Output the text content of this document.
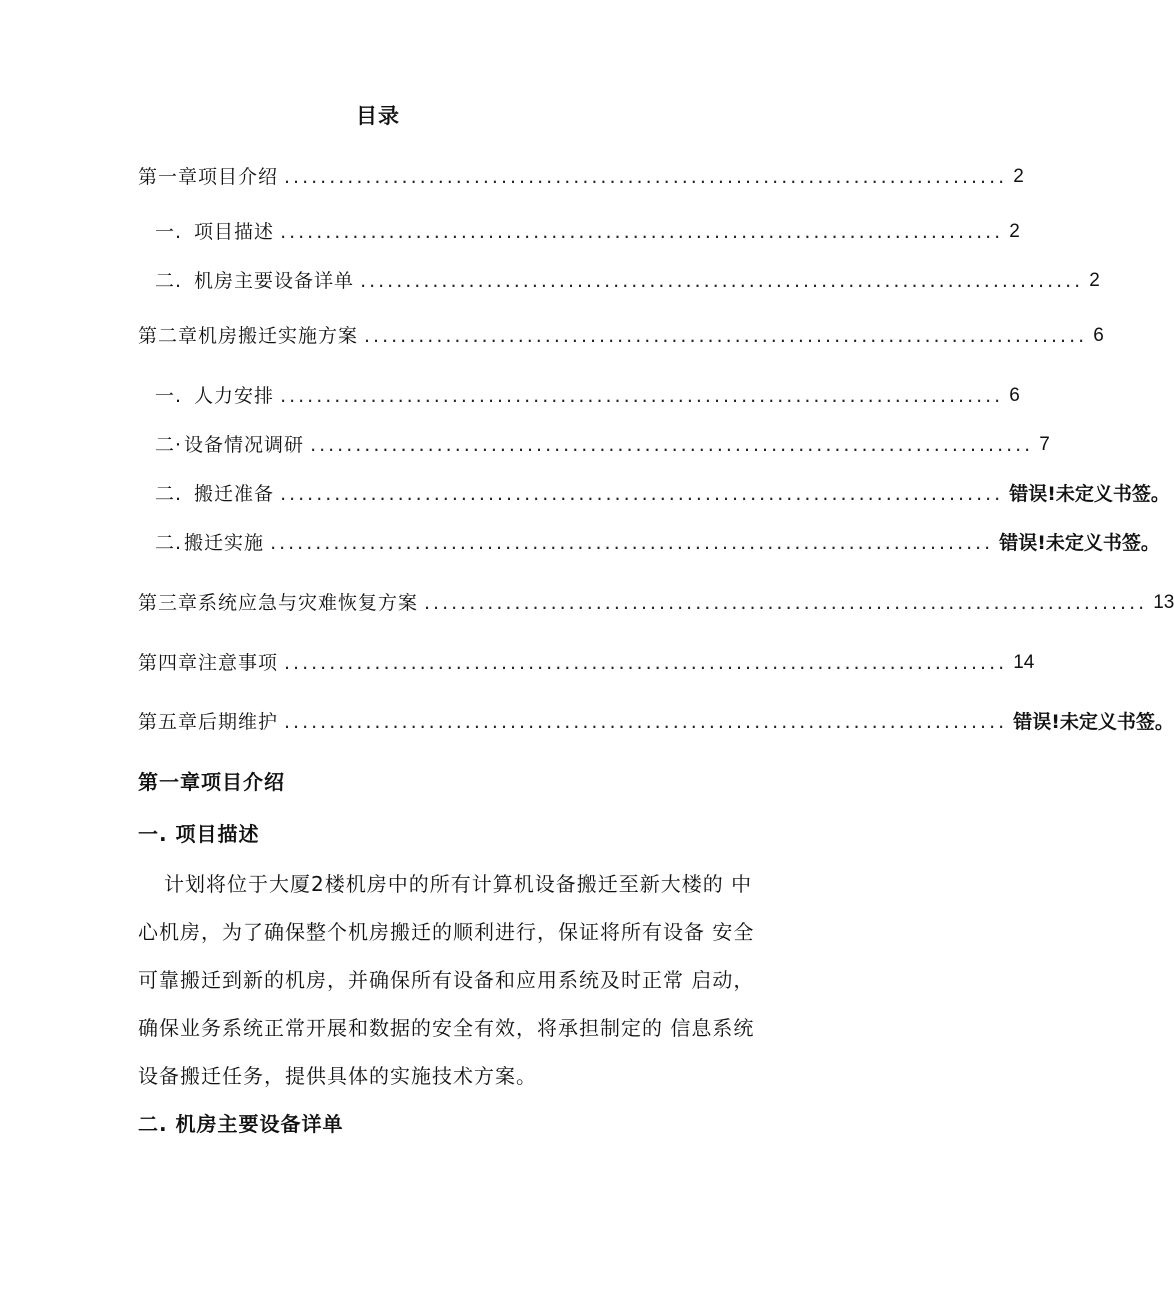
目录
第一章项目介绍 ................................................................................ 2
一. 项目描述 ................................................................................ 2
二. 机房主要设备详单 ................................................................................ 2
第二章机房搬迁实施方案 ................................................................................ 6
一. 人力安排 ................................................................................ 6
二· 设备情况调研 ................................................................................ 7
二. 搬迁准备 ................................................................................ 错误!未定义书签。
二. 搬迁实施 ................................................................................ 错误!未定义书签。
第三章系统应急与灾难恢复方案 ................................................................................ 13
第四章注意事项 ................................................................................ 14
第五章后期维护 ................................................................................ 错误!未定义书签。
第一章项目介绍
一. 项目描述
计划将位于大厦2楼机房中的所有计算机设备搬迁至新大楼的 中
心机房，为了确保整个机房搬迁的顺利进行，保证将所有设备 安全
可靠搬迁到新的机房，并确保所有设备和应用系统及时正常 启动，
确保业务系统正常开展和数据的安全有效，将承担制定的 信息系统
设备搬迁任务，提供具体的实施技术方案。
二. 机房主要设备详单
